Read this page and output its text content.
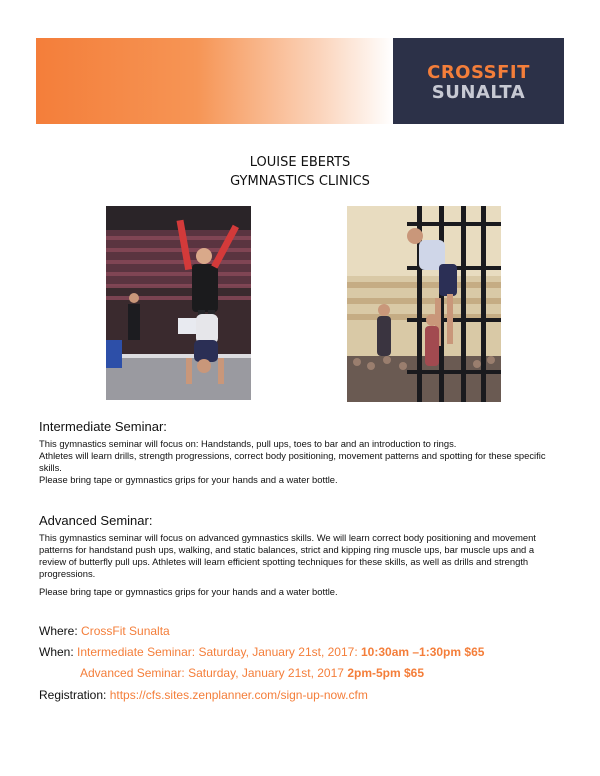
CROSSFIT
SUNALTA
LOUISE EBERTS
GYMNASTICS CLINICS
Intermediate Seminar:
This gymnastics seminar will focus on: Handstands, pull ups, toes to bar and an introduction to rings.
Athletes will learn drills, strength progressions, correct body positioning, movement patterns and spotting for these specific skills.
Please bring tape or gymnastics grips for your hands and a water bottle.
Advanced Seminar:
This gymnastics seminar will focus on advanced gymnastics skills. We will learn correct body positioning and movement patterns for handstand push ups, walking, and static balances, strict and kipping ring muscle ups, bar muscle ups and a review of butterfly pull ups. Athletes will learn efficient spotting techniques for these skills, as well as drills and strength progressions.
Please bring tape or gymnastics grips for your hands and a water bottle.
Where: CrossFit Sunalta
When: Intermediate Seminar: Saturday, January 21st, 2017: 10:30am –1:30pm $65
Advanced Seminar: Saturday, January 21st, 2017 2pm-5pm $65
Registration: https://cfs.sites.zenplanner.com/sign-up-now.cfm
